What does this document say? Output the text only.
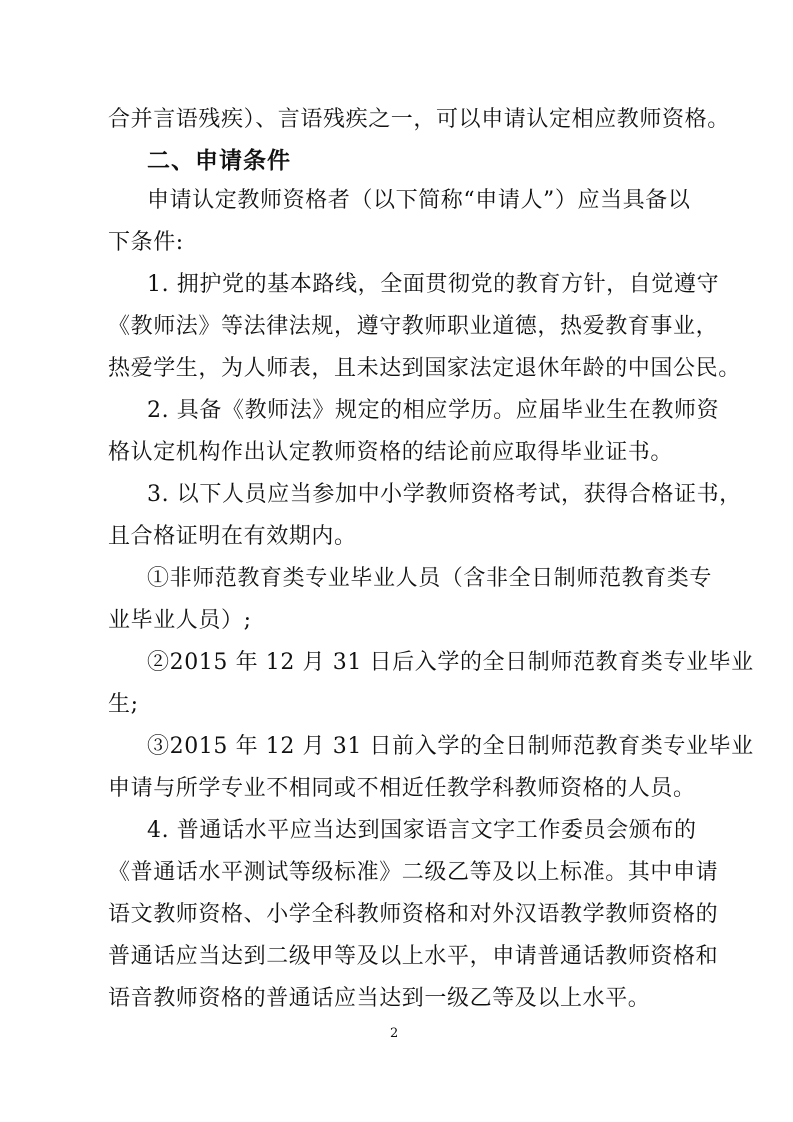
合并言语残疾）、言语残疾之一，可以申请认定相应教师资格。
二、申请条件
申请认定教师资格者（以下简称“申请人”）应当具备以
下条件:
1. 拥护党的基本路线，全面贯彻党的教育方针，自觉遵守
《教师法》等法律法规，遵守教师职业道德，热爱教育事业，
热爱学生，为人师表，且未达到国家法定退休年龄的中国公民。
2. 具备《教师法》规定的相应学历。应届毕业生在教师资
格认定机构作出认定教师资格的结论前应取得毕业证书。
3. 以下人员应当参加中小学教师资格考试，获得合格证书，
且合格证明在有效期内。
①非师范教育类专业毕业人员（含非全日制师范教育类专
业毕业人员）;
②2015 年 12 月 31 日后入学的全日制师范教育类专业毕业
生;
③2015 年 12 月 31 日前入学的全日制师范教育类专业毕业
申请与所学专业不相同或不相近任教学科教师资格的人员。
4. 普通话水平应当达到国家语言文字工作委员会颁布的
《普通话水平测试等级标准》二级乙等及以上标准。其中申请
语文教师资格、小学全科教师资格和对外汉语教学教师资格的
普通话应当达到二级甲等及以上水平，申请普通话教师资格和
语音教师资格的普通话应当达到一级乙等及以上水平。
2
